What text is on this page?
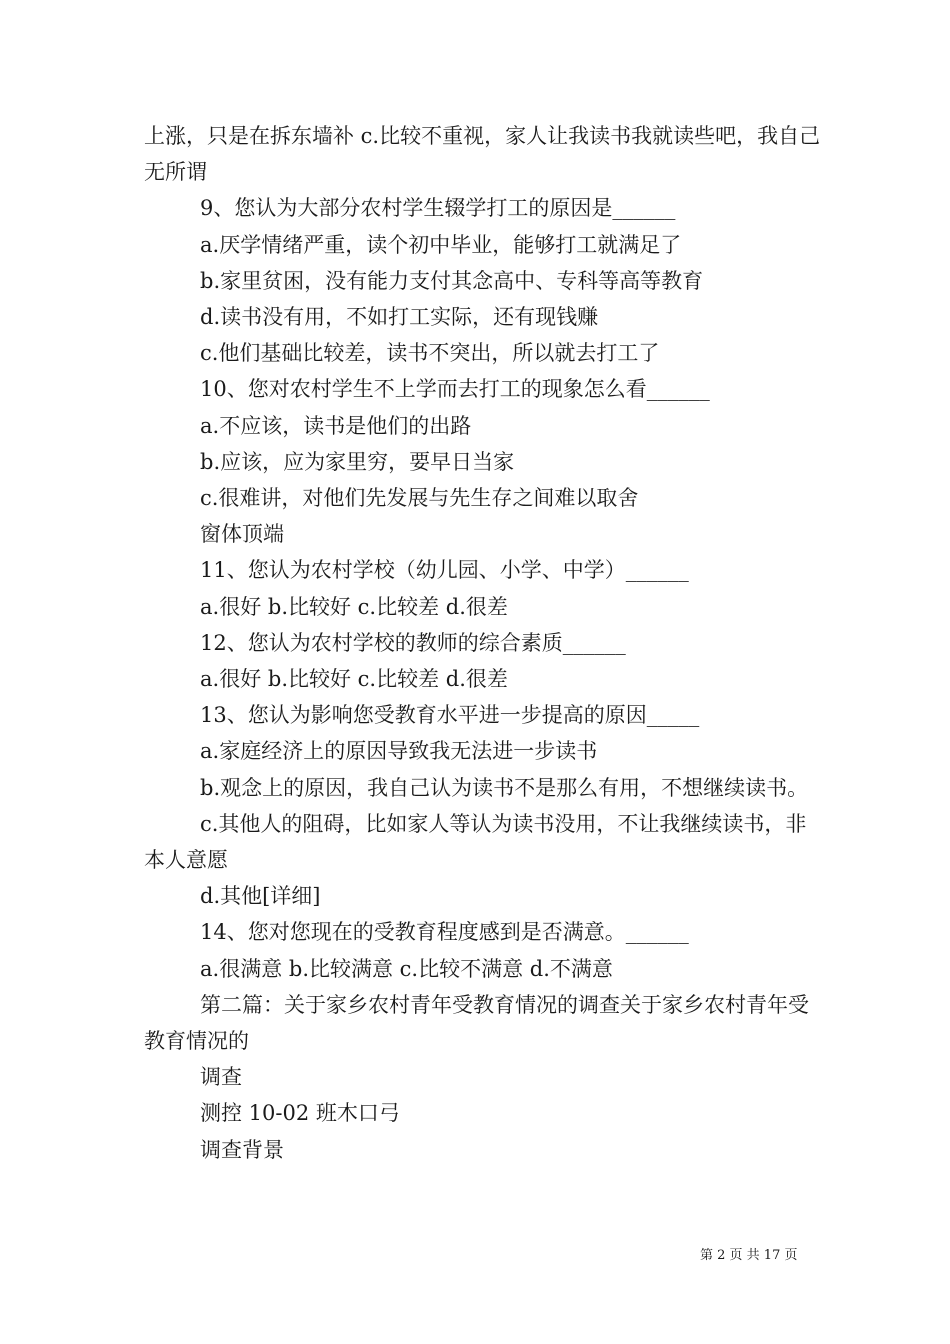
上涨，只是在拆东墙补 c.比较不重视，家人让我读书我就读些吧，我自己无所谓

9、您认为大部分农村学生辍学打工的原因是______

a.厌学情绪严重，读个初中毕业，能够打工就满足了

b.家里贫困，没有能力支付其念高中、专科等高等教育

d.读书没有用，不如打工实际，还有现钱赚

c.他们基础比较差，读书不突出，所以就去打工了

10、您对农村学生不上学而去打工的现象怎么看______

a.不应该，读书是他们的出路

b.应该，应为家里穷，要早日当家

c.很难讲，对他们先发展与先生存之间难以取舍

窗体顶端

11、您认为农村学校（幼儿园、小学、中学）______

a.很好 b.比较好 c.比较差 d.很差

12、您认为农村学校的教师的综合素质______

a.很好 b.比较好 c.比较差 d.很差

13、您认为影响您受教育水平进一步提高的原因_____

a.家庭经济上的原因导致我无法进一步读书

b.观念上的原因，我自己认为读书不是那么有用，不想继续读书。

c.其他人的阻碍，比如家人等认为读书没用，不让我继续读书，非本人意愿

d.其他[详细]

14、您对您现在的受教育程度感到是否满意。______

a.很满意 b.比较满意 c.比较不满意 d.不满意

第二篇：关于家乡农村青年受教育情况的调查关于家乡农村青年受教育情况的

调查

测控 10-02 班木口弓

调查背景

第 2 页 共 17 页
